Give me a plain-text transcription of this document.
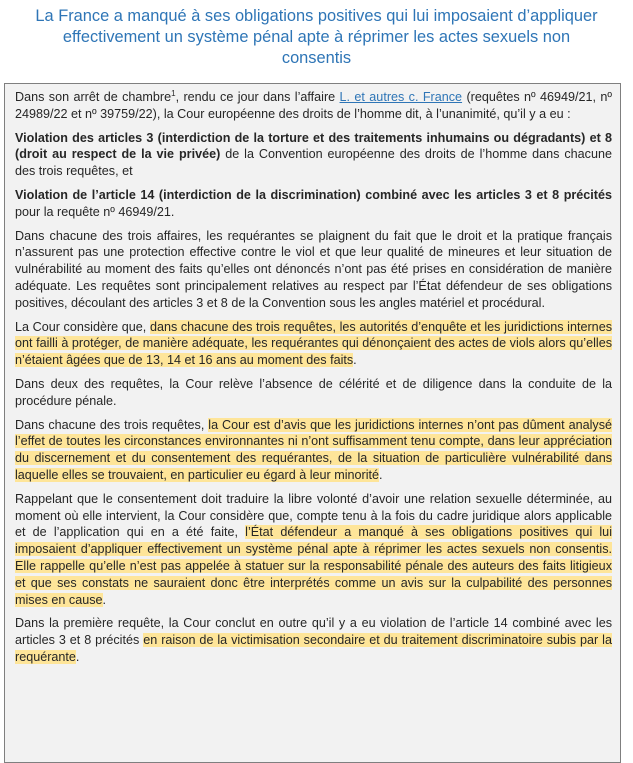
La France a manqué à ses obligations positives qui lui imposaient d’appliquer
effectivement un système pénal apte à réprimer les actes sexuels non
consentis

Dans son arrêt de chambre$^1$, rendu ce jour dans l’affaire L. et autres c. France (requêtes nº 46949/21, nº 24989/22 et nº 39759/22), la Cour européenne des droits de l’homme dit, à l’unanimité, qu’il y a eu :

Violation des articles 3 (interdiction de la torture et des traitements inhumains ou dégradants) et 8 (droit au respect de la vie privée) de la Convention européenne des droits de l’homme dans chacune des trois requêtes, et

Violation de l’article 14 (interdiction de la discrimination) combiné avec les articles 3 et 8 précités pour la requête nº 46949/21.

Dans chacune des trois affaires, les requérantes se plaignent du fait que le droit et la pratique français n’assurent pas une protection effective contre le viol et que leur qualité de mineures et leur situation de vulnérabilité au moment des faits qu’elles ont dénoncés n’ont pas été prises en considération de manière adéquate. Les requêtes sont principalement relatives au respect par l’État défendeur de ses obligations positives, découlant des articles 3 et 8 de la Convention sous les angles matériel et procédural.

La Cour considère que, dans chacune des trois requêtes, les autorités d’enquête et les juridictions internes ont failli à protéger, de manière adéquate, les requérantes qui dénonçaient des actes de viols alors qu’elles n’étaient âgées que de 13, 14 et 16 ans au moment des faits.

Dans deux des requêtes, la Cour relève l’absence de célérité et de diligence dans la conduite de la procédure pénale.

Dans chacune des trois requêtes, la Cour est d’avis que les juridictions internes n’ont pas dûment analysé l’effet de toutes les circonstances environnantes ni n’ont suffisamment tenu compte, dans leur appréciation du discernement et du consentement des requérantes, de la situation de particulière vulnérabilité dans laquelle elles se trouvaient, en particulier eu égard à leur minorité.

Rappelant que le consentement doit traduire la libre volonté d’avoir une relation sexuelle déterminée, au moment où elle intervient, la Cour considère que, compte tenu à la fois du cadre juridique alors applicable et de l’application qui en a été faite, l’État défendeur a manqué à ses obligations positives qui lui imposaient d’appliquer effectivement un système pénal apte à réprimer les actes sexuels non consentis. Elle rappelle qu’elle n’est pas appelée à statuer sur la responsabilité pénale des auteurs des faits litigieux et que ses constats ne sauraient donc être interprétés comme un avis sur la culpabilité des personnes mises en cause.

Dans la première requête, la Cour conclut en outre qu’il y a eu violation de l’article 14 combiné avec les articles 3 et 8 précités en raison de la victimisation secondaire et du traitement discriminatoire subis par la requérante.
